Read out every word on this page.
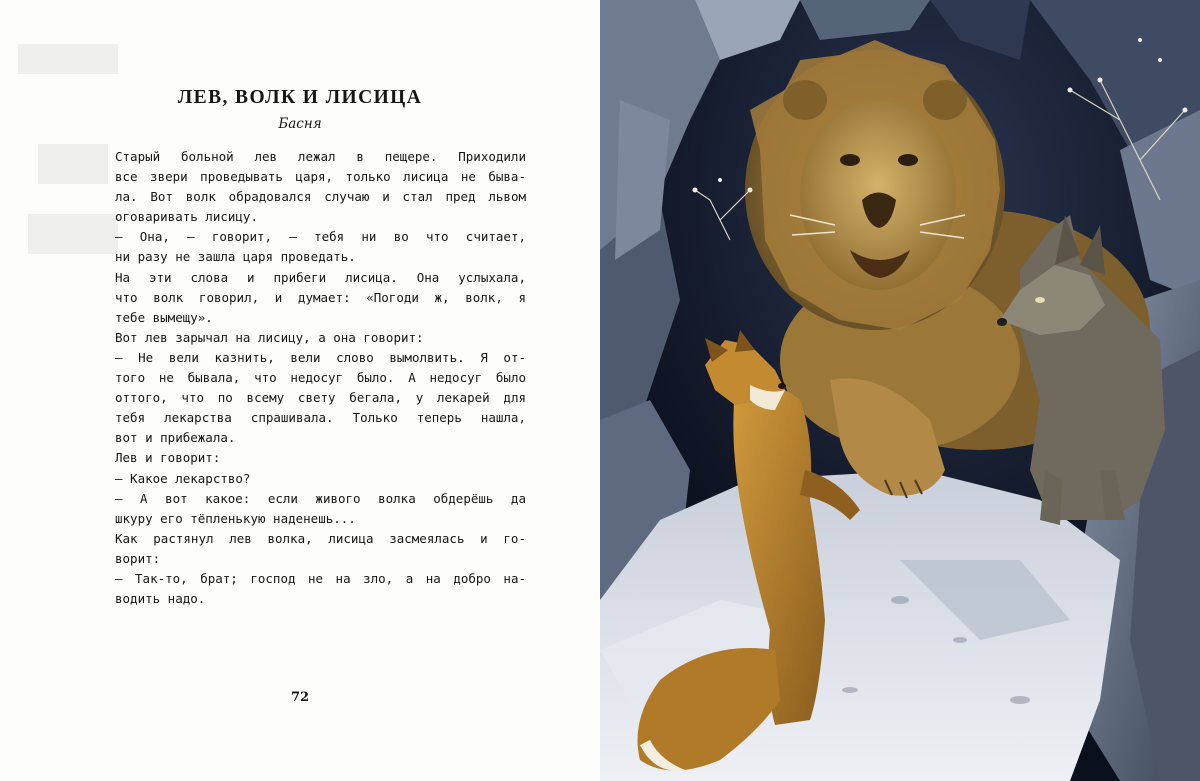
ЛЕВ, ВОЛК И ЛИСИЦА

Басня

Старый больной лев лежал в пещере. Приходили
все звери проведывать царя, только лисица не быва-
ла. Вот волк обрадовался случаю и стал пред львом
оговаривать лисицу.
— Она, — говорит, — тебя ни во что считает,
ни разу не зашла царя проведать.
На эти слова и прибеги лисица. Она услыхала,
что волк говорил, и думает: «Погоди ж, волк, я
тебе вымещу».
Вот лев зарычал на лисицу, а она говорит:
— Не вели казнить, вели слово вымолвить. Я от-
того не бывала, что недосуг было. А недосуг было
оттого, что по всему свету бегала, у лекарей для
тебя лекарства спрашивала. Только теперь нашла,
вот и прибежала.
Лев и говорит:
— Какое лекарство?
— А вот какое: если живого волка обдерёшь да
шкуру его тёпленькую наденешь...
Как растянул лев волка, лисица засмеялась и го-
ворит:
— Так-то, брат; господ не на зло, а на добро на-
водить надо.
72
